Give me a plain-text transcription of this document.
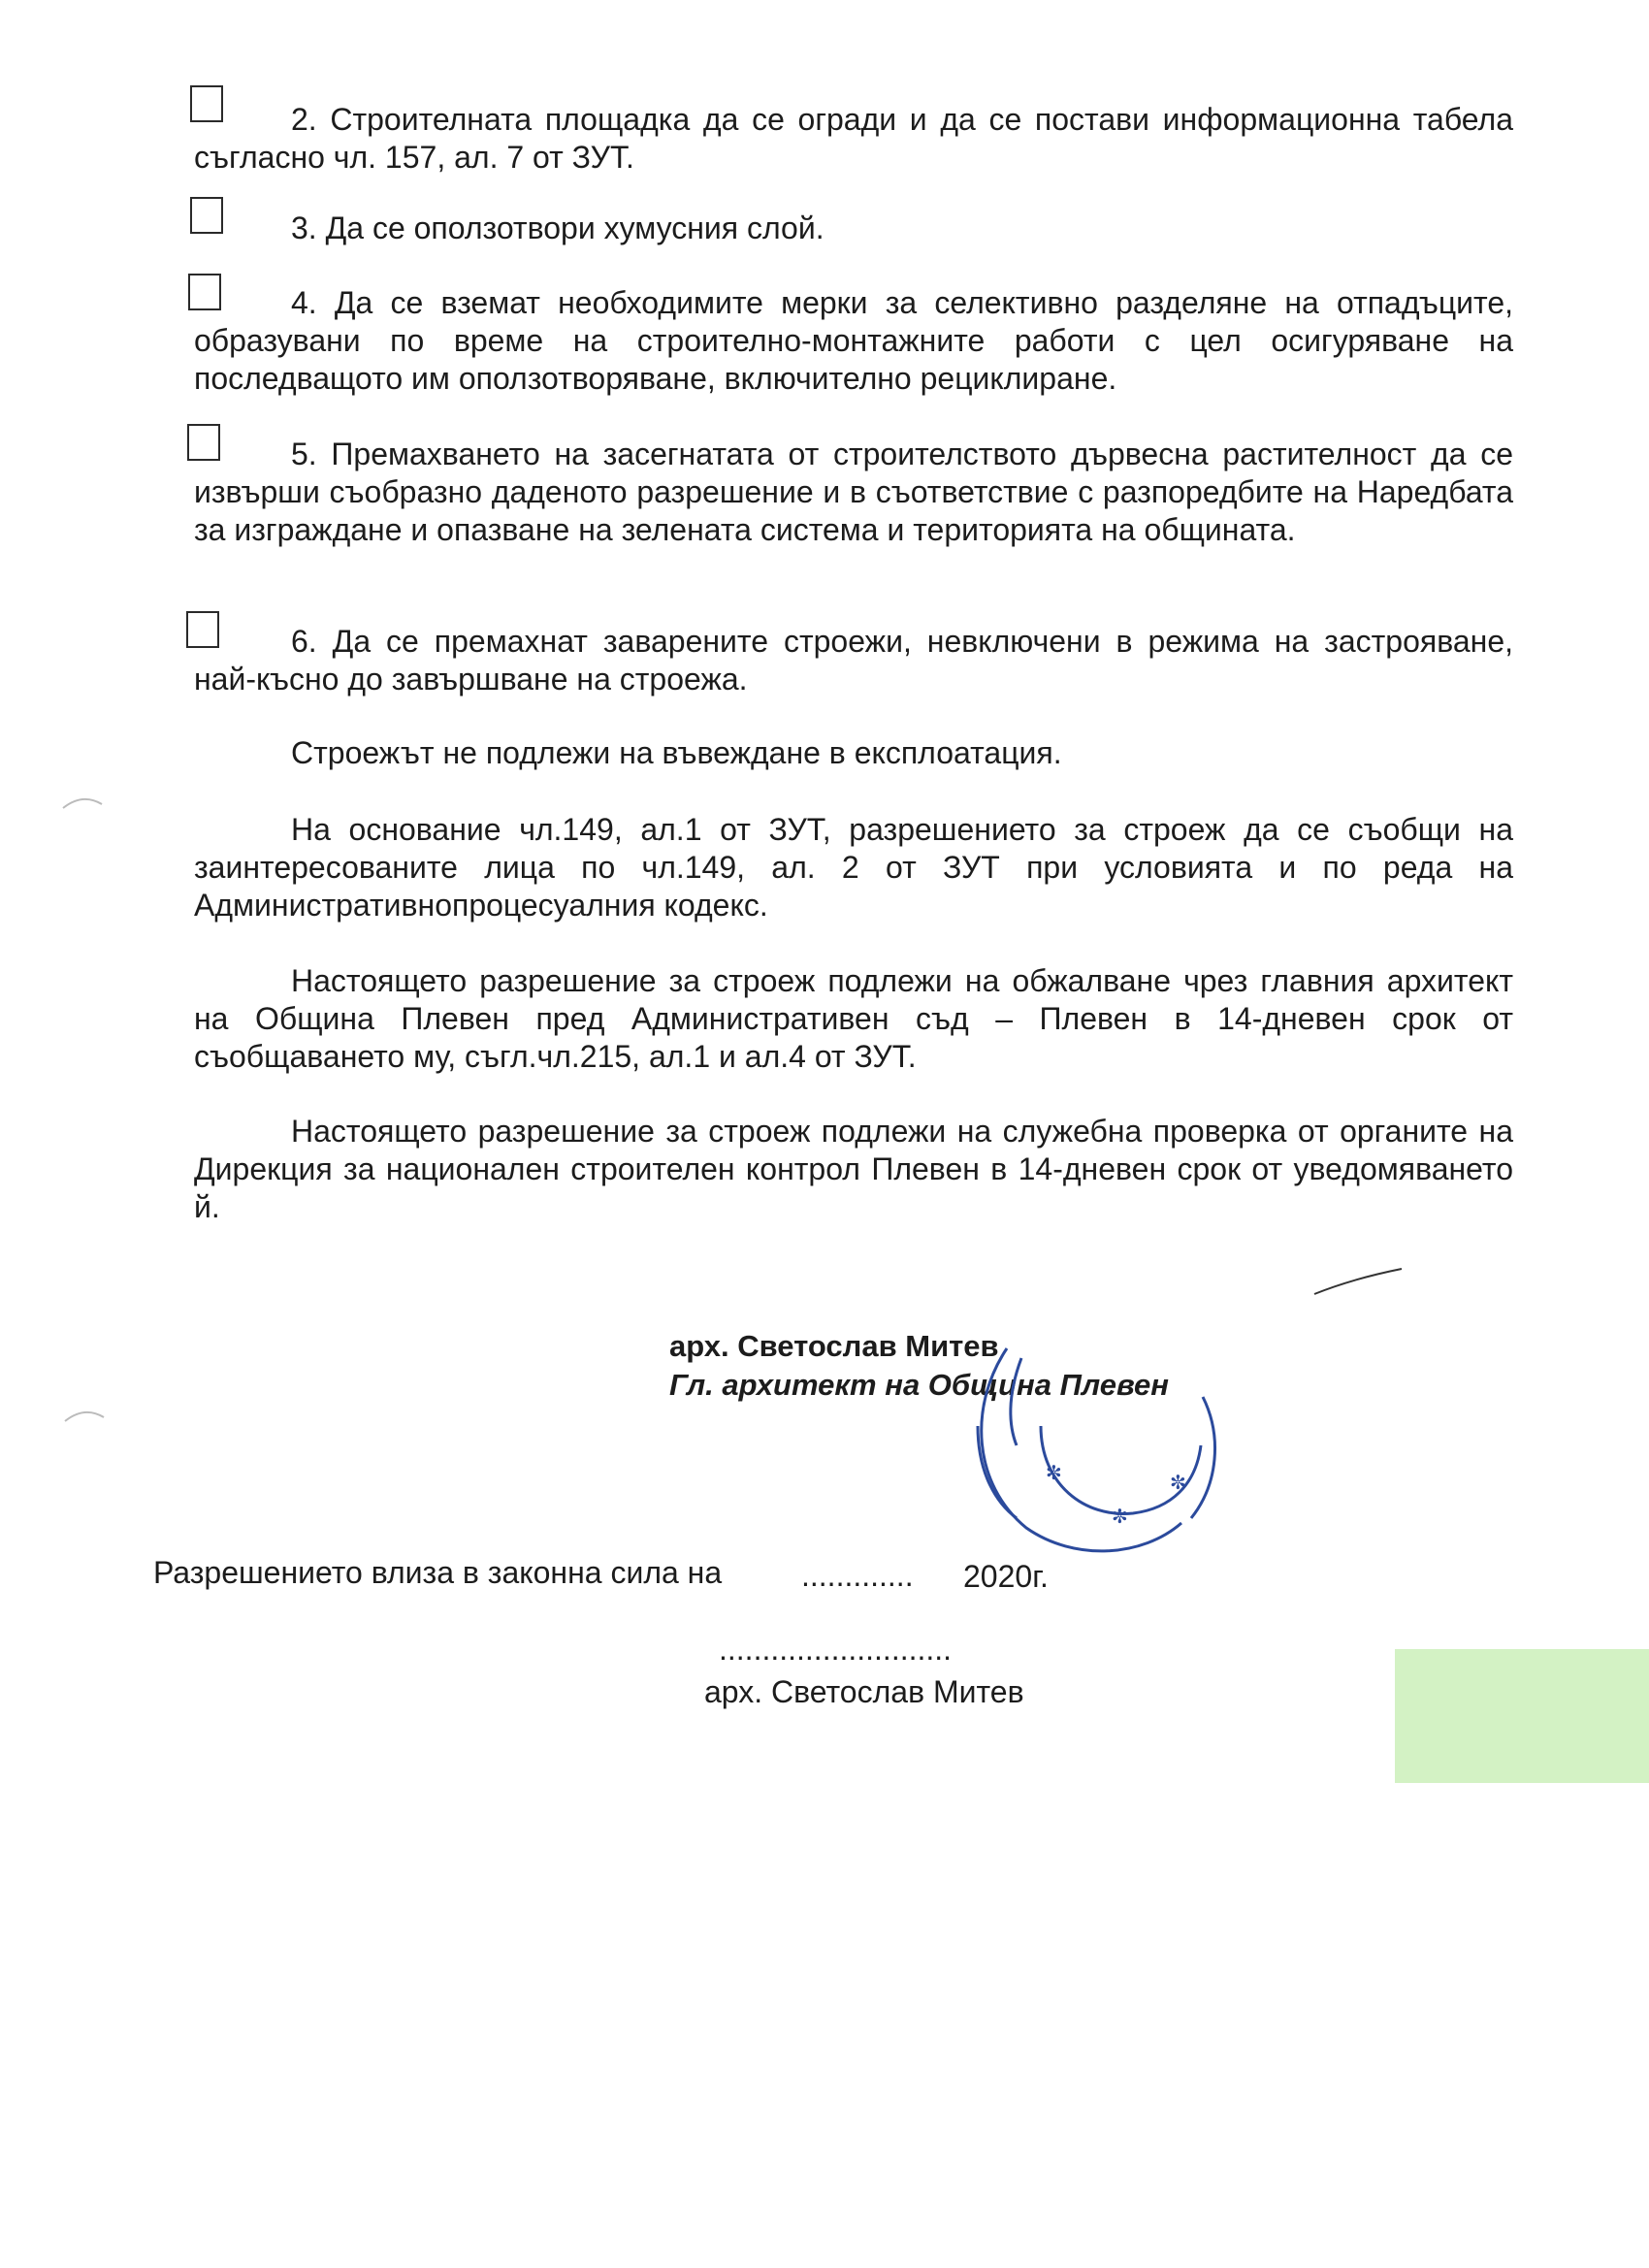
2. Строителната площадка да се огради и да се постави информационна табела съгласно чл. 157, ал. 7 от ЗУТ.
3. Да се оползотвори хумусния слой.
4. Да се вземат необходимите мерки за селективно разделяне на отпадъците, образувани по време на строително-монтажните работи с цел осигуряване на последващото им оползотворяване, включително рециклиране.
5. Премахването на засегнатата от строителството дървесна растителност да се извърши съобразно даденото разрешение и в съответствие с разпоредбите на Наредбата за изграждане и опазване на зелената система и територията на общината.
6. Да се премахнат заварените строежи, невключени в режима на застрояване, най-късно до завършване на строежа.
Строежът не подлежи на въвеждане в експлоатация.
На основание чл.149, ал.1 от ЗУТ, разрешението за строеж да се съобщи на заинтересованите лица по чл.149, ал. 2 от ЗУТ при условията и по реда на Административнопроцесуалния кодекс.
Настоящето разрешение за строеж подлежи на обжалване чрез главния архитект на Община Плевен пред Административен съд – Плевен в 14-дневен срок от съобщаването му, съгл.чл.215, ал.1 и ал.4 от ЗУТ.
Настоящето разрешение за строеж подлежи на служебна проверка от органите на Дирекция за национален строителен контрол Плевен в 14-дневен срок от уведомяването й.
арх. Светослав Митев
Гл. архитект на Община Плевен
✼
✼
✼
Разрешението влиза в законна сила на	............. 2020г.
...........................
арх. Светослав Митев
